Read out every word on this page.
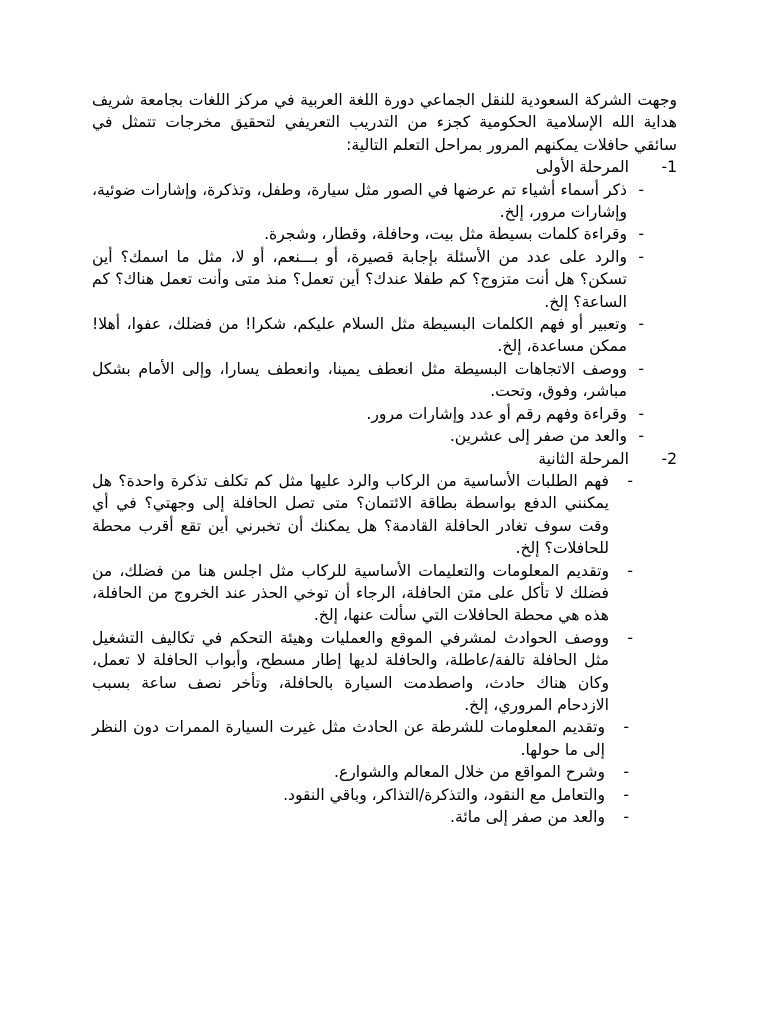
وجهت الشركة السعودية للنقل الجماعي دورة اللغة العربية في مركز اللغات بجامعة شريف هداية الله الإسلامية الحكومية كجزء من التدريب التعريفي لتحقيق مخرجات تتمثل في سائقي حافلات يمكنهم المرور بمراحل التعلم التالية:

1-
المرحلة الأولى

-
ذكر أسماء أشياء تم عرضها في الصور مثل سيارة، وطفل، وتذكرة، وإشارات ضوئية، وإشارات مرور، إلخ.
-
وقراءة كلمات بسيطة مثل بيت، وحافلة، وقطار، وشجرة.
-
والرد على عدد من الأسئلة بإجابة قصيرة، أو بـــنعم، أو لا، مثل ما اسمك؟ أين تسكن؟ هل أنت متزوج؟ كم طفلا عندك؟ أين تعمل؟ منذ متى وأنت تعمل هناك؟ كم الساعة؟ إلخ.
-
وتعبير أو فهم الكلمات البسيطة مثل السلام عليكم، شكرا! من فضلك، عفوا، أهلا! ممكن مساعدة، إلخ.
-
ووصف الاتجاهات البسيطة مثل انعطف يمينا، وانعطف يسارا، وإلى الأمام بشكل مباشر، وفوق، وتحت.
-
وقراءة وفهم رقم أو عدد وإشارات مرور.
-
والعد من صفر إلى عشرين.

2-
المرحلة الثانية

-
فهم الطلبات الأساسية من الركاب والرد عليها مثل كم تكلف تذكرة واحدة؟ هل يمكنني الدفع بواسطة بطاقة الائتمان؟ متى تصل الحافلة إلى وجهتي؟ في أي وقت سوف تغادر الحافلة القادمة؟ هل يمكنك أن تخبرني أين تقع أقرب محطة للحافلات؟ إلخ.
-
وتقديم المعلومات والتعليمات الأساسية للركاب مثل اجلس هنا من فضلك، من فضلك لا تأكل على متن الحافلة، الرجاء أن توخي الحذر عند الخروج من الحافلة، هذه هي محطة الحافلات التي سألت عنها، إلخ.
-
ووصف الحوادث لمشرفي الموقع والعمليات وهيئة التحكم في تكاليف التشغيل مثل الحافلة تالفة/عاطلة، والحافلة لديها إطار مسطح، وأبواب الحافلة لا تعمل، وكان هناك حادث، واصطدمت السيارة بالحافلة، وتأخر نصف ساعة بسبب الازدحام المروري، إلخ.
-
وتقديم المعلومات للشرطة عن الحادث مثل غيرت السيارة الممرات دون النظر إلى ما حولها.
-
وشرح المواقع من خلال المعالم والشوارع.
-
والتعامل مع النقود، والتذكرة/التذاكر، وباقي النقود.
-
والعد من صفر إلى مائة.
